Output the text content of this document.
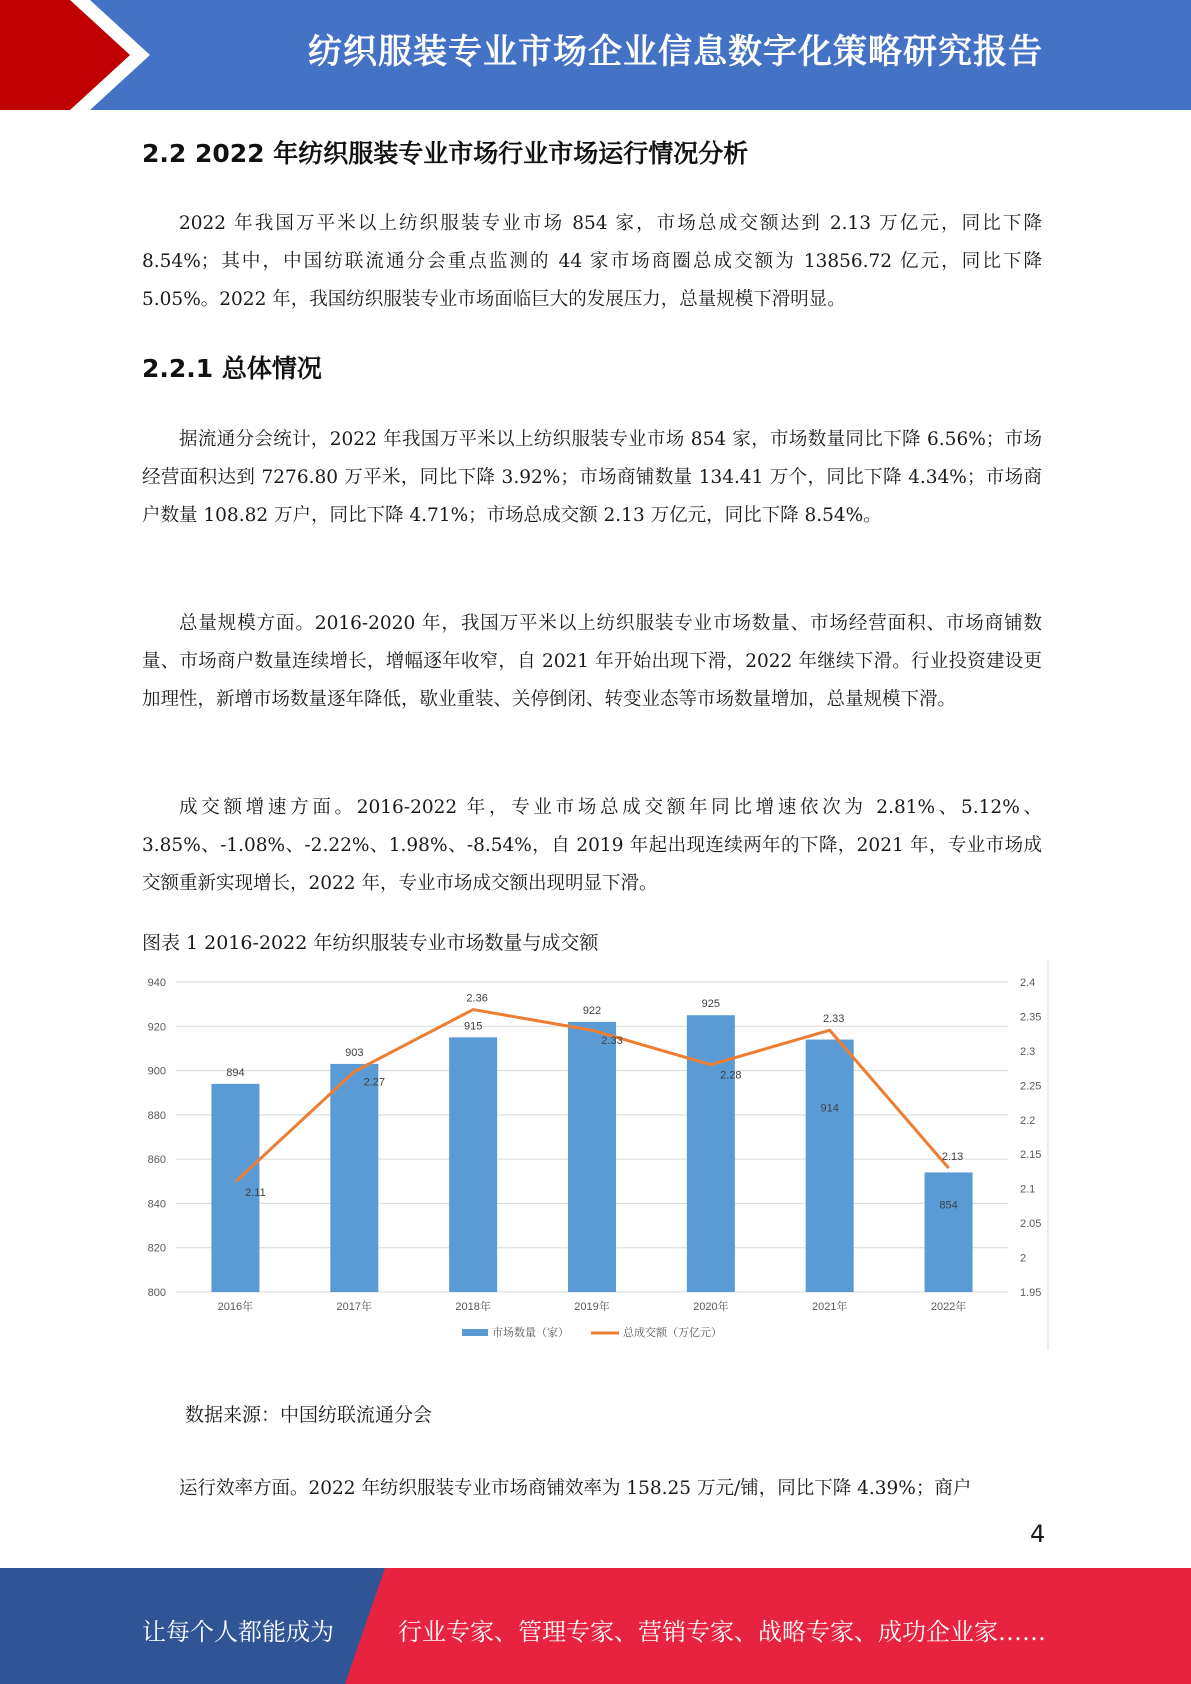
纺织服装专业市场企业信息数字化策略研究报告
2.2 2022 年纺织服装专业市场行业市场运行情况分析

2022 年我国万平米以上纺织服装专业市场 854 家，市场总成交额达到 2.13 万亿元，同比下降 8.54%；其中，中国纺联流通分会重点监测的 44 家市场商圈总成交额为 13856.72 亿元，同比下降 5.05%。2022 年，我国纺织服装专业市场面临巨大的发展压力，总量规模下滑明显。

2.2.1 总体情况

据流通分会统计，2022 年我国万平米以上纺织服装专业市场 854 家，市场数量同比下降 6.56%；市场经营面积达到 7276.80 万平米，同比下降 3.92%；市场商铺数量 134.41 万个，同比下降 4.34%；市场商户数量 108.82 万户，同比下降 4.71%；市场总成交额 2.13 万亿元，同比下降 8.54%。

总量规模方面。2016-2020 年，我国万平米以上纺织服装专业市场数量、市场经营面积、市场商铺数量、市场商户数量连续增长，增幅逐年收窄，自 2021 年开始出现下滑，2022 年继续下滑。行业投资建设更加理性，新增市场数量逐年降低，歇业重装、关停倒闭、转变业态等市场数量增加，总量规模下滑。

成交额增速方面。2016-2022 年，专业市场总成交额年同比增速依次为 2.81%、5.12%、3.85%、-1.08%、-2.22%、1.98%、-8.54%，自 2019 年起出现连续两年的下降，2021 年，专业市场成交额重新实现增长，2022 年，专业市场成交额出现明显下滑。

图表 1 2016-2022 年纺织服装专业市场数量与成交额
800
820
840
860
880
900
920
940
1.95
2
2.05
2.1
2.15
2.2
2.25
2.3
2.35
2.4
894
903
915
922
925
914
854
2016年	2017年	2018年	2019年	2020年	2021年	2022年
2.11
2.27
2.36
2.33
2.28
2.33
2.13
市场数量（家）	总成交额（万亿元）
数据来源：中国纺联流通分会

运行效率方面。2022 年纺织服装专业市场商铺效率为 158.25 万元/铺，同比下降 4.39%；商户

4
让每个人都能成为	行业专家、管理专家、营销专家、战略专家、成功企业家……
